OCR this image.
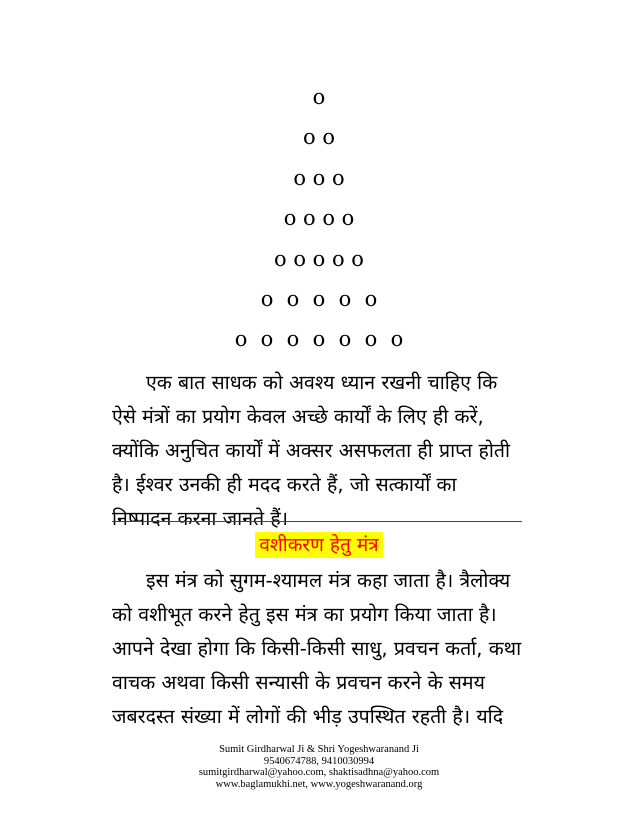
o
o o
o o o
o o o o
o o o o o
o  o  o  o  o
o  o  o  o  o  o  o
एक बात साधक को अवश्य ध्यान रखनी चाहिए कि
ऐसे मंत्रों का प्रयोग केवल अच्छे कार्यों के लिए ही करें,
क्योंकि अनुचित कार्यों में अक्सर असफलता ही प्राप्त होती
है। ईश्वर उनकी ही मदद करते हैं, जो सत्कार्यों का
निष्पादन करना जानते हैं।
वशीकरण हेतु मंत्र
इस मंत्र को सुगम-श्यामल मंत्र कहा जाता है। त्रैलोक्य
को वशीभूत करने हेतु इस मंत्र का प्रयोग किया जाता है।
आपने देखा होगा कि किसी-किसी साधु, प्रवचन कर्ता, कथा
वाचक अथवा किसी सन्यासी के प्रवचन करने के समय
जबरदस्त संख्या में लोगों की भीड़ उपस्थित रहती है। यदि
Sumit Girdharwal Ji & Shri Yogeshwaranand Ji
9540674788, 9410030994
sumitgirdharwal@yahoo.com, shaktisadhna@yahoo.com
www.baglamukhi.net, www.yogeshwaranand.org
